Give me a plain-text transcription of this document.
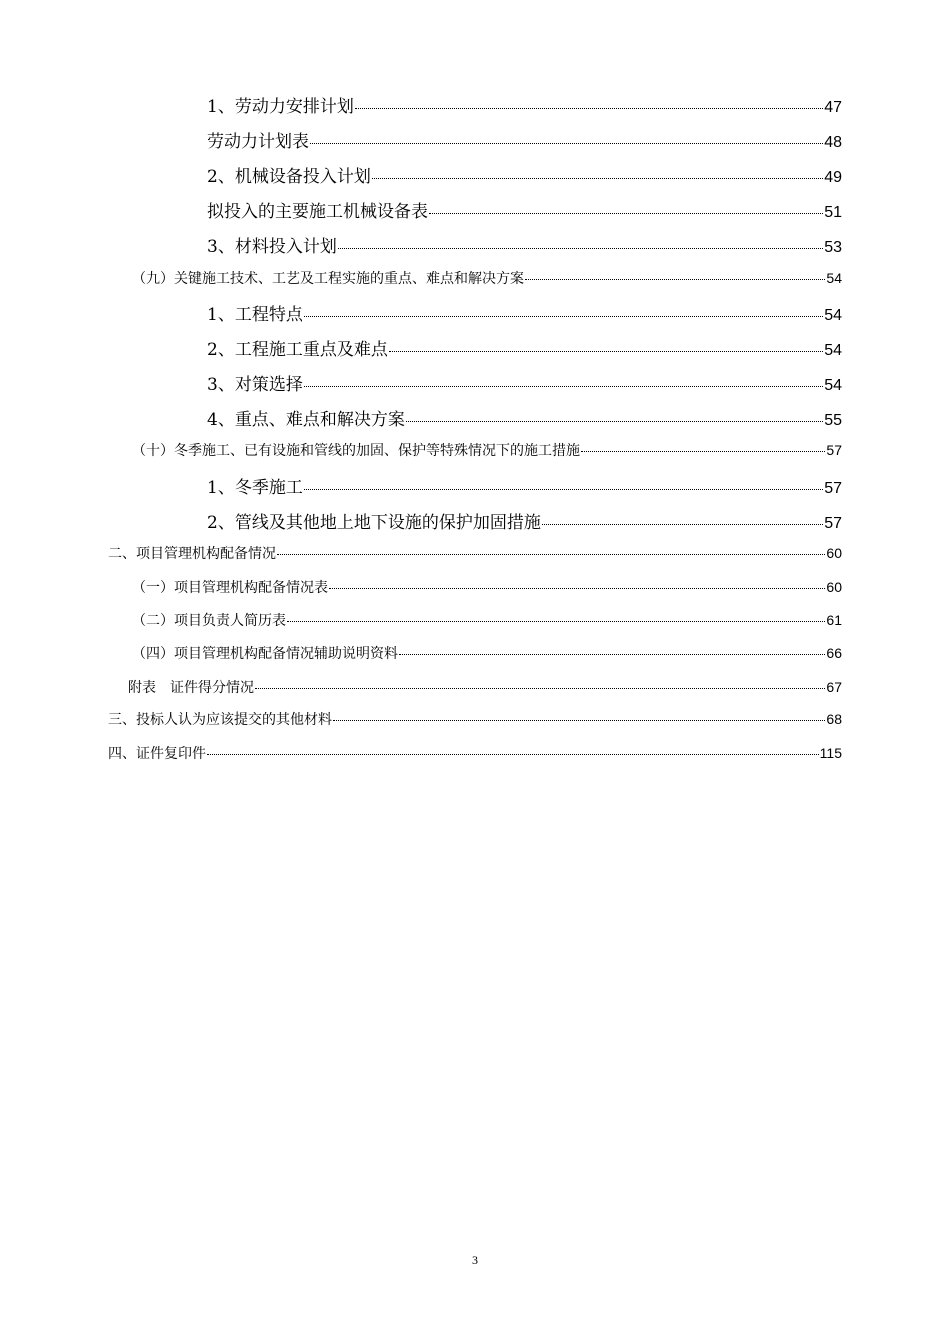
1、劳动力安排计划	47
劳动力计划表	48
2、机械设备投入计划	49
拟投入的主要施工机械设备表	51
3、材料投入计划	53
（九）关键施工技术、工艺及工程实施的重点、难点和解决方案	54
1、工程特点	54
2、工程施工重点及难点	54
3、对策选择	54
4、重点、难点和解决方案	55
（十）冬季施工、已有设施和管线的加固、保护等特殊情况下的施工措施	57
1、冬季施工	57
2、管线及其他地上地下设施的保护加固措施	57
二、项目管理机构配备情况	60
（一）项目管理机构配备情况表	60
（二）项目负责人简历表	61
（四）项目管理机构配备情况辅助说明资料	66
附表　证件得分情况	67
三、投标人认为应该提交的其他材料	68
四、证件复印件	115
3
